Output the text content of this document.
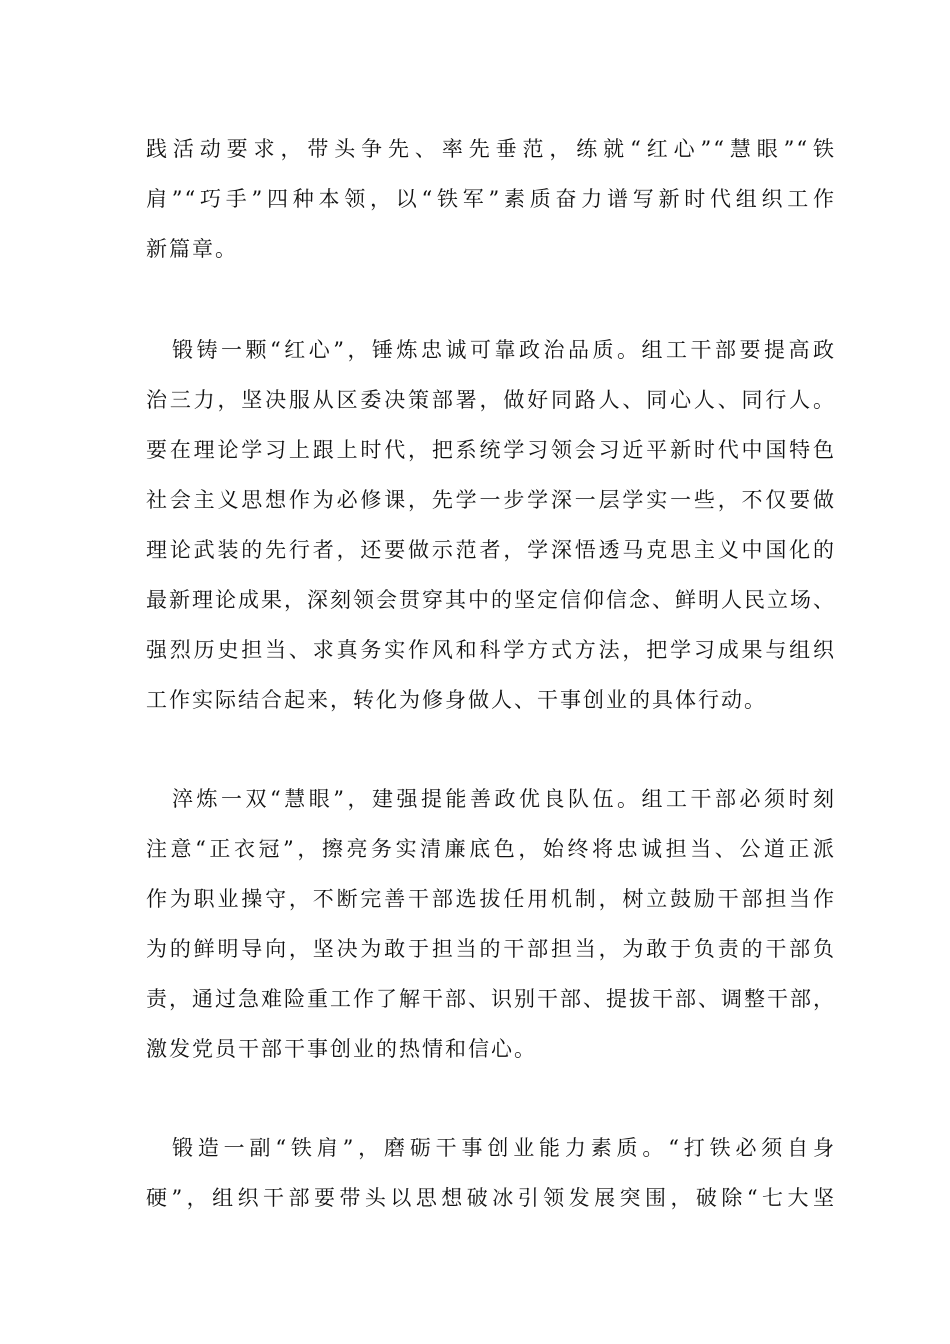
践活动要求，带头争先、率先垂范，练就“红心”“慧眼”“铁
肩”“巧手”四种本领，以“铁军”素质奋力谱写新时代组织工作
新篇章。
锻铸一颗“红心”，锤炼忠诚可靠政治品质。组工干部要提高政
治三力，坚决服从区委决策部署，做好同路人、同心人、同行人。
要在理论学习上跟上时代，把系统学习领会习近平新时代中国特色
社会主义思想作为必修课，先学一步学深一层学实一些，不仅要做
理论武装的先行者，还要做示范者，学深悟透马克思主义中国化的
最新理论成果，深刻领会贯穿其中的坚定信仰信念、鲜明人民立场、
强烈历史担当、求真务实作风和科学方式方法，把学习成果与组织
工作实际结合起来，转化为修身做人、干事创业的具体行动。
淬炼一双“慧眼”，建强提能善政优良队伍。组工干部必须时刻
注意“正衣冠”，擦亮务实清廉底色，始终将忠诚担当、公道正派
作为职业操守，不断完善干部选拔任用机制，树立鼓励干部担当作
为的鲜明导向，坚决为敢于担当的干部担当，为敢于负责的干部负
责，通过急难险重工作了解干部、识别干部、提拔干部、调整干部，
激发党员干部干事创业的热情和信心。
锻造一副“铁肩”，磨砺干事创业能力素质。“打铁必须自身
硬”，组织干部要带头以思想破冰引领发展突围，破除“七大坚
